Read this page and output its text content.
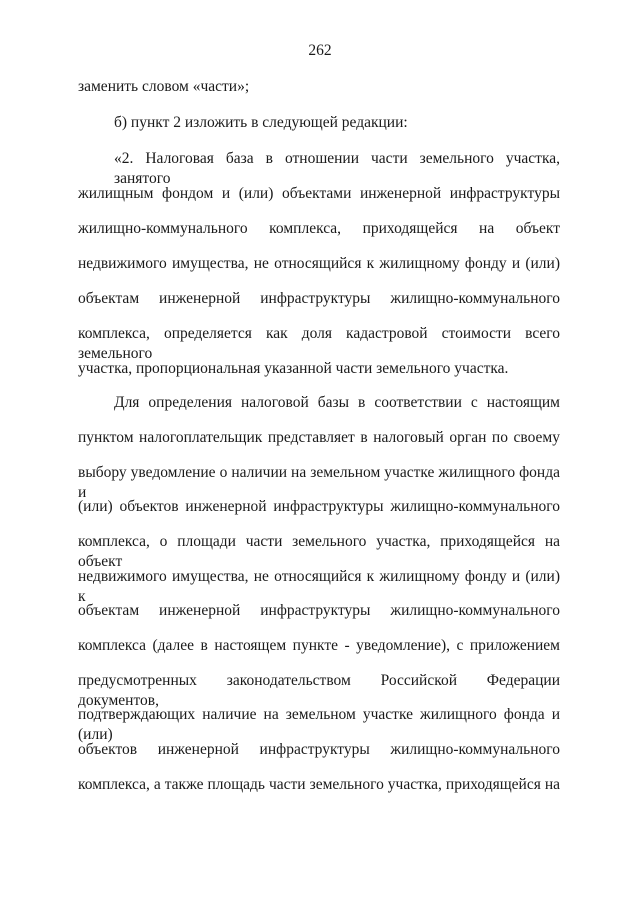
262
заменить словом «части»;
б) пункт 2 изложить в следующей редакции:
«2. Налоговая база в отношении части земельного участка, занятого
жилищным фондом и (или) объектами инженерной инфраструктуры
жилищно-коммунального комплекса, приходящейся на объект
недвижимого имущества, не относящийся к жилищному фонду и (или)
объектам инженерной инфраструктуры жилищно-коммунального
комплекса, определяется как доля кадастровой стоимости всего земельного
участка, пропорциональная указанной части земельного участка.
Для определения налоговой базы в соответствии с настоящим
пунктом налогоплательщик представляет в налоговый орган по своему
выбору уведомление о наличии на земельном участке жилищного фонда и
(или) объектов инженерной инфраструктуры жилищно-коммунального
комплекса, о площади части земельного участка, приходящейся на объект
недвижимого имущества, не относящийся к жилищному фонду и (или) к
объектам инженерной инфраструктуры жилищно-коммунального
комплекса (далее в настоящем пункте - уведомление), с приложением
предусмотренных законодательством Российской Федерации документов,
подтверждающих наличие на земельном участке жилищного фонда и (или)
объектов инженерной инфраструктуры жилищно-коммунального
комплекса, а также площадь части земельного участка, приходящейся на
